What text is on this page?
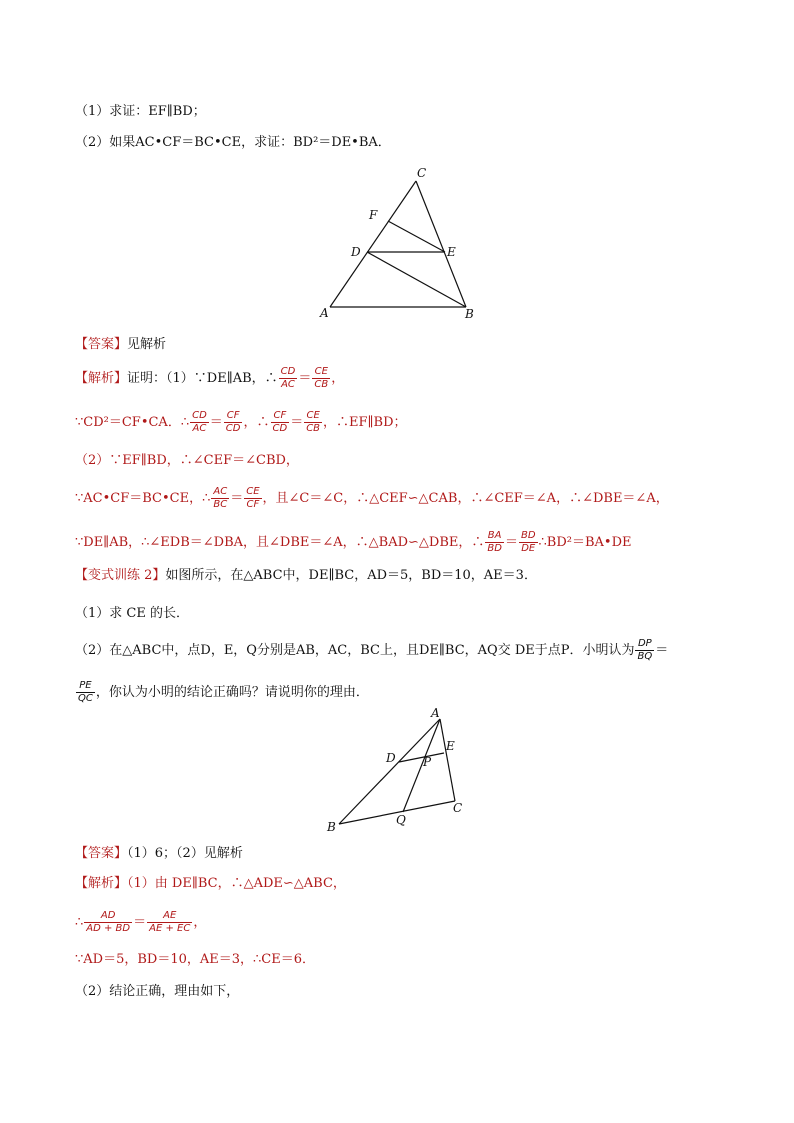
（1）求证：EF∥BD；
（2）如果AC•CF＝BC•CE，求证：BD²＝DE•BA．
C
F
D	E
A	B
【答案】见解析
【解析】证明：（1）∵DE∥AB，∴ $\frac{CD}{AC} = \frac{CE}{CB}$ ，
∵CD²＝CF•CA．∴ $\frac{CD}{AC} = \frac{CF}{CD}$ ，∴ $\frac{CF}{CD} = \frac{CE}{CB}$ ，∴EF∥BD；
（2）∵EF∥BD，∴∠CEF＝∠CBD，
∵AC•CF＝BC•CE，∴ $\frac{AC}{BC} = \frac{CE}{CF}$ ，且∠C＝∠C，∴△CEF∽△CAB，∴∠CEF＝∠A，∴∠DBE＝∠A，
∵DE∥AB，∴∠EDB＝∠DBA，且∠DBE＝∠A，∴△BAD∽△DBE，∴ $\frac{BA}{BD} = \frac{BD}{DE}$ ∴BD²＝BA•DE
【变式训练 2】如图所示，在△ABC中，DE∥BC，AD＝5，BD＝10，AE＝3．
（1）求 CE 的长．
（2）在△ABC中，点D，E，Q分别是AB，AC，BC上，且DE∥BC，AQ交 DE于点P．小明认为 $\frac{DP}{BQ}$ ＝
$\frac{PE}{QC}$ ，你认为小明的结论正确吗？请说明你的理由．
A
D
E
P
B	Q
C
【答案】（1）6；（2）见解析
【解析】（1）由 DE∥BC，∴△ADE∽△ABC，
∴ $\frac{AD}{AD + BD} = \frac{AE}{AE + EC}$ ，
∵AD＝5，BD＝10，AE＝3，∴CE＝6．
（2）结论正确，理由如下，
